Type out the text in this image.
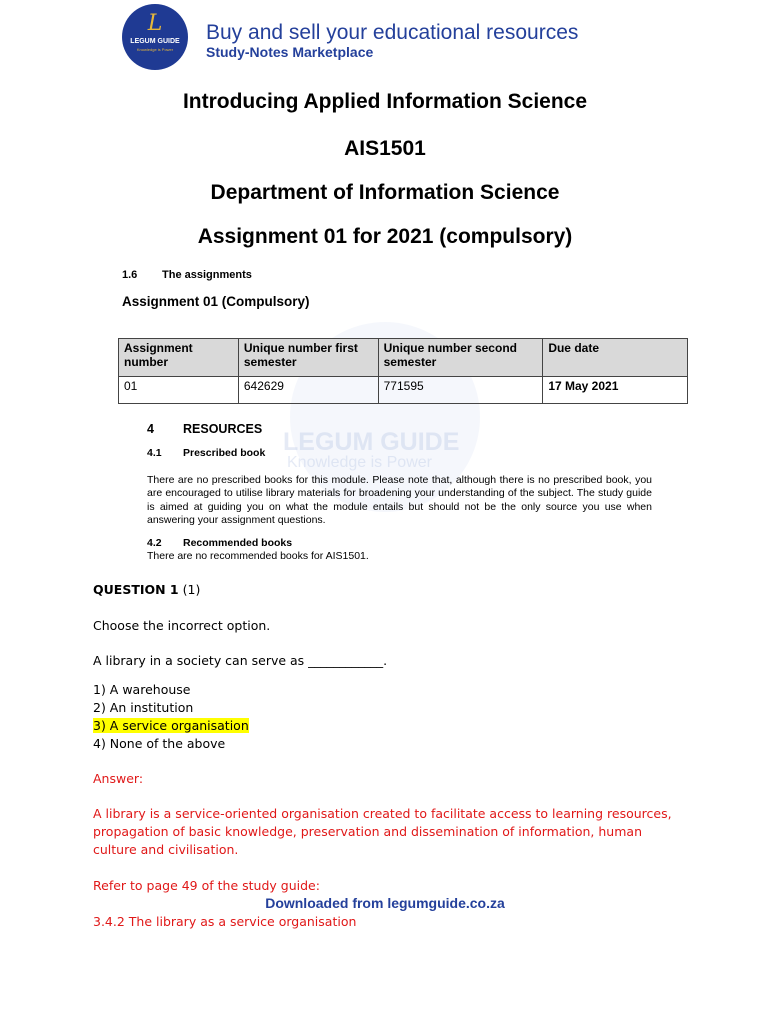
L
LEGUM GUIDE
Knowledge is Power
Buy and sell your educational resources
Study-Notes Marketplace
LEGUM GUIDE
Knowledge is Power
Introducing Applied Information Science
AIS1501
Department of Information Science
Assignment 01 for 2021 (compulsory)
1.6 The assignments
Assignment 01 (Compulsory)
Assignment number	Unique number first semester	Unique number second semester	Due date
01	642629	771595	17 May 2021
4 RESOURCES
4.1 Prescribed book
There are no prescribed books for this module. Please note that, although there is no prescribed book, you are encouraged to utilise library materials for broadening your understanding of the subject. The study guide is aimed at guiding you on what the module entails but should not be the only source you use when answering your assignment questions.
4.2 Recommended books
There are no recommended books for AIS1501.
QUESTION 1 (1)
Choose the incorrect option.
A library in a society can serve as ____________.
1) A warehouse
2) An institution
3) A service organisation
4) None of the above
Answer:
A library is a service-oriented organisation created to facilitate access to learning resources,
propagation of basic knowledge, preservation and dissemination of information, human
culture and civilisation.
Refer to page 49 of the study guide:
Downloaded from legumguide.co.za
3.4.2 The library as a service organisation
